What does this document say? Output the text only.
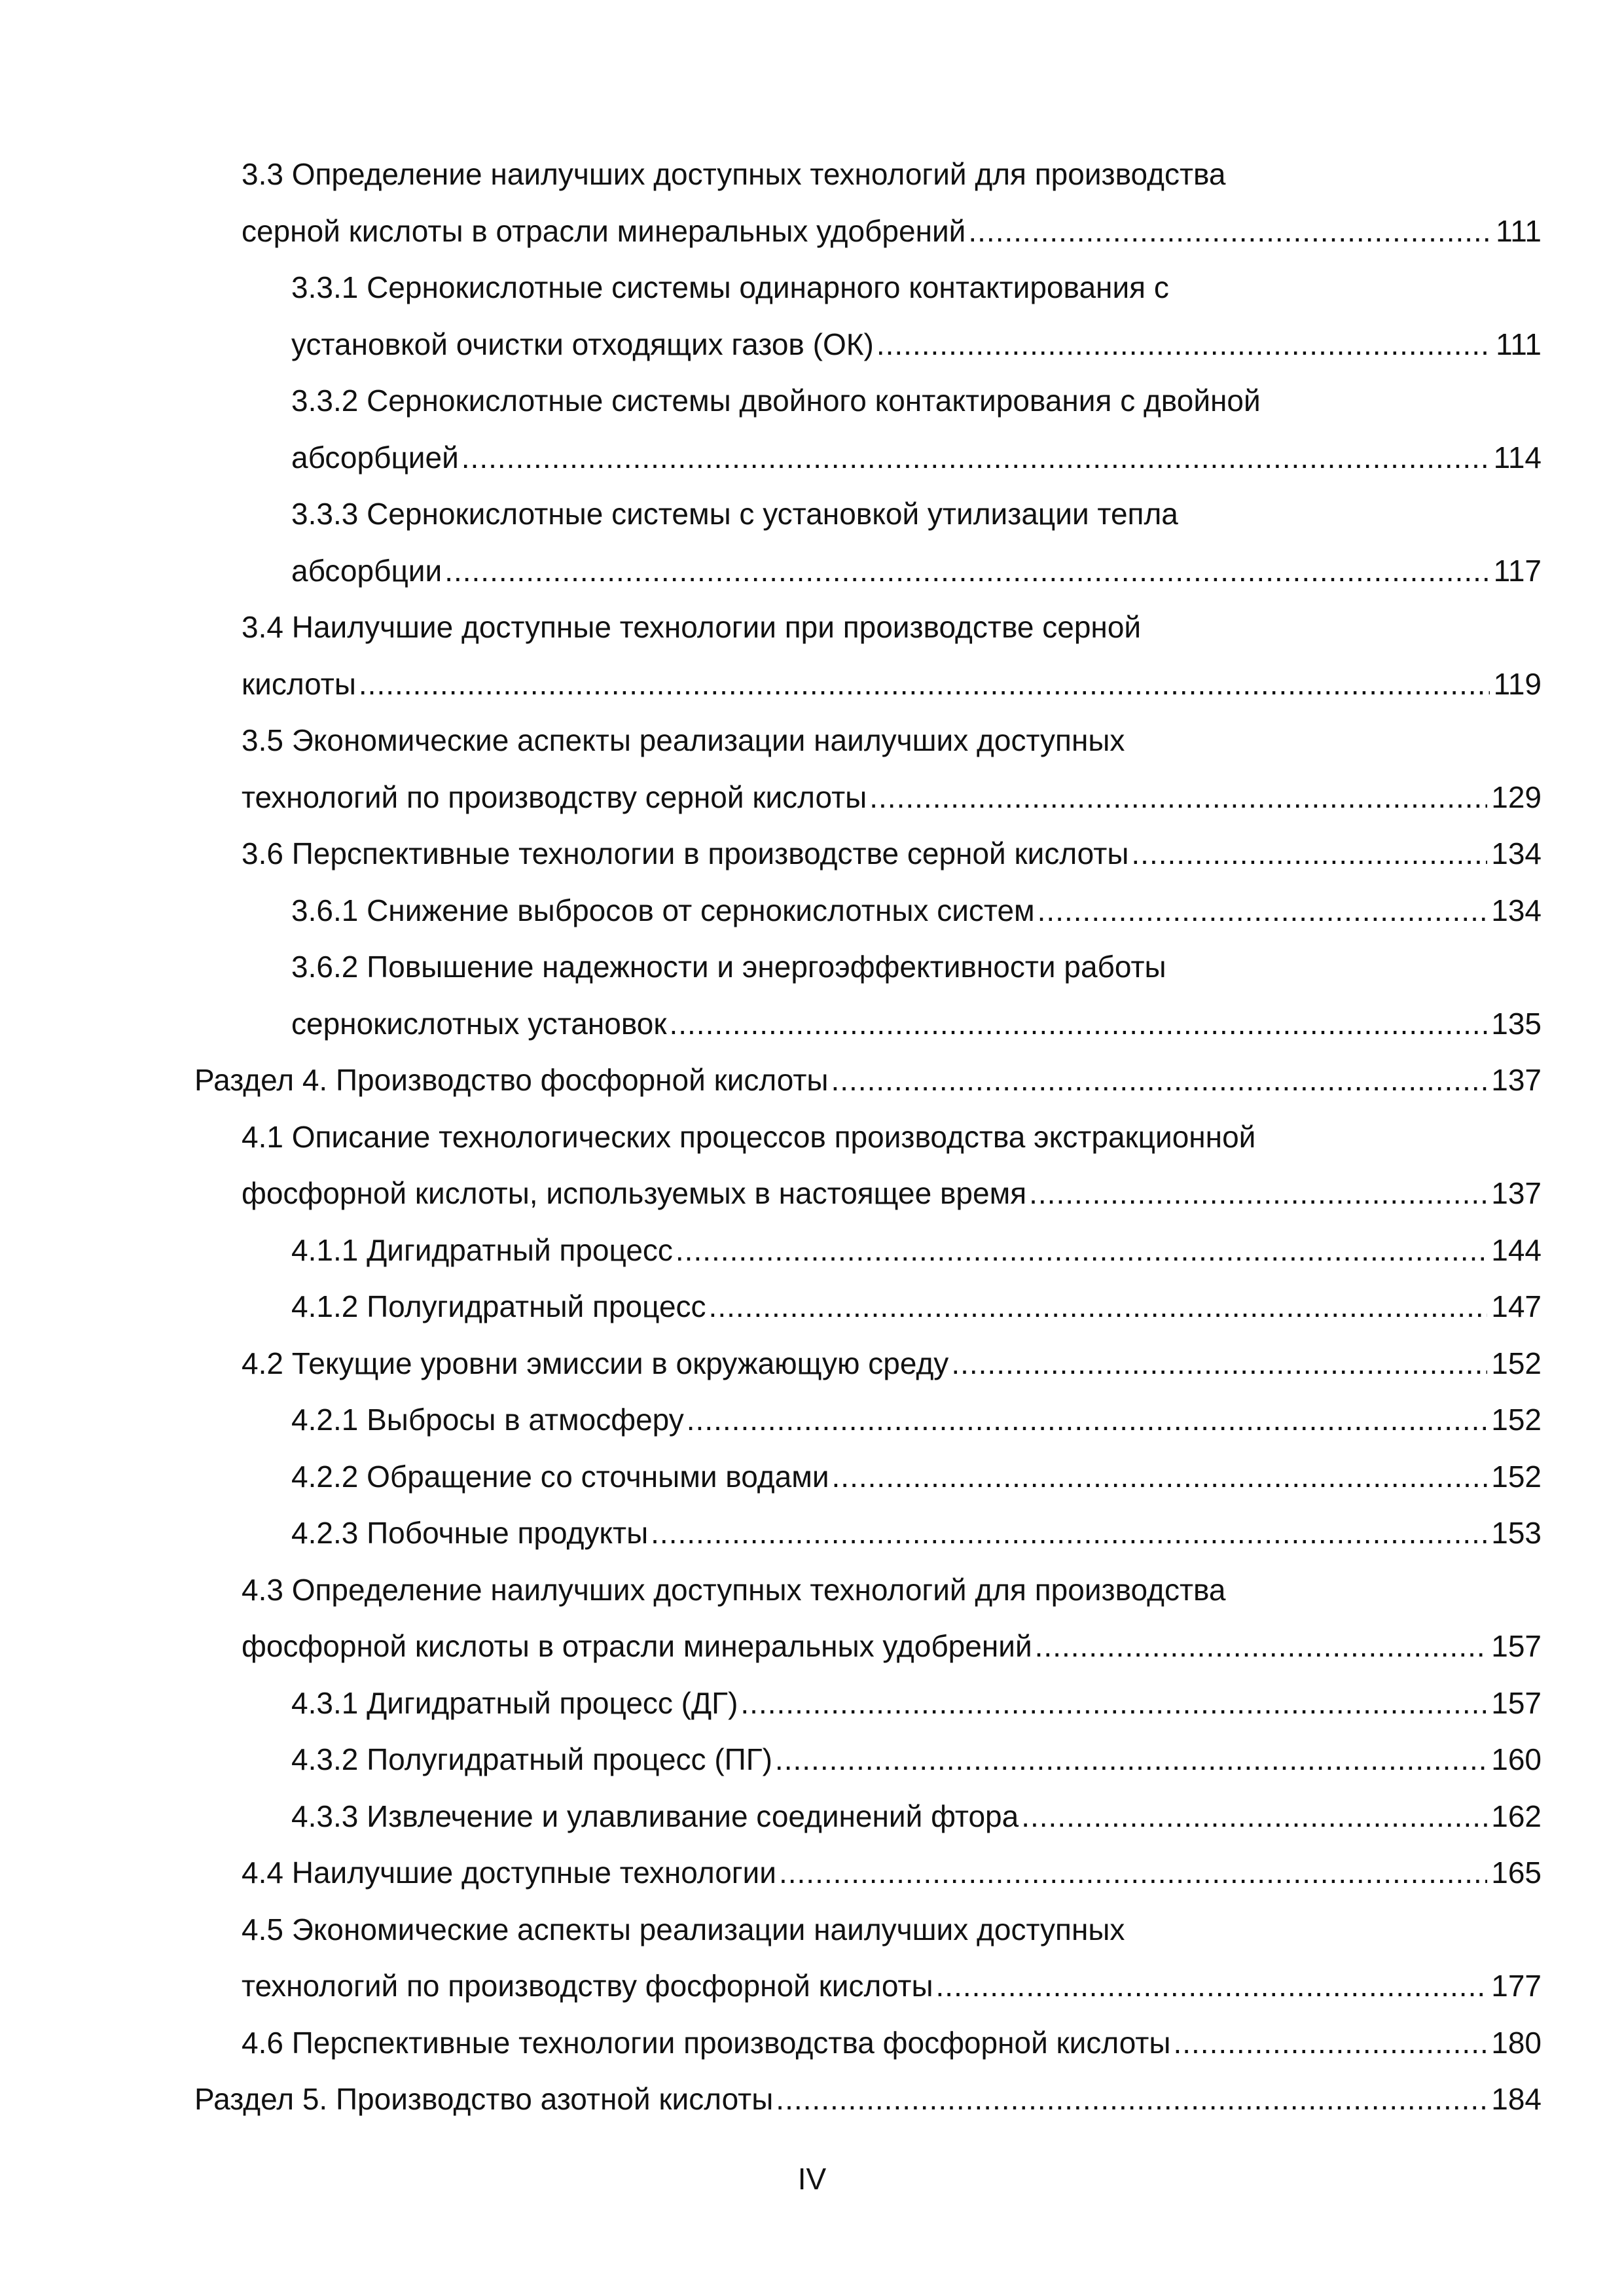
3.3 Определение наилучших доступных технологий для производства
серной кислоты в отрасли минеральных удобрений .....	111
3.3.1 Сернокислотные системы одинарного контактирования с
установкой очистки отходящих газов (ОК) .....	111
3.3.2 Сернокислотные системы двойного контактирования с двойной
абсорбцией .....	114
3.3.3 Сернокислотные системы с установкой утилизации тепла
абсорбции .....	117
3.4 Наилучшие доступные технологии при производстве серной
кислоты .....	119
3.5 Экономические аспекты реализации наилучших доступных
технологий по производству серной кислоты .....	129
3.6 Перспективные технологии в производстве серной кислоты .....	134
3.6.1 Снижение выбросов от сернокислотных систем .....	134
3.6.2 Повышение надежности и энергоэффективности работы
сернокислотных установок .....	135
Раздел 4. Производство фосфорной кислоты .....	137
4.1 Описание технологических процессов производства экстракционной
фосфорной кислоты, используемых в настоящее время .....	137
4.1.1 Дигидратный процесс .....	144
4.1.2 Полугидратный процесс .....	147
4.2 Текущие уровни эмиссии в окружающую среду .....	152
4.2.1 Выбросы в атмосферу .....	152
4.2.2 Обращение со сточными водами .....	152
4.2.3 Побочные продукты .....	153
4.3 Определение наилучших доступных технологий для производства
фосфорной кислоты в отрасли минеральных удобрений .....	157
4.3.1 Дигидратный процесс (ДГ) .....	157
4.3.2 Полугидратный процесс (ПГ) .....	160
4.3.3 Извлечение и улавливание соединений фтора .....	162
4.4 Наилучшие доступные технологии .....	165
4.5 Экономические аспекты реализации наилучших доступных
технологий по производству фосфорной кислоты .....	177
4.6 Перспективные технологии производства фосфорной кислоты .....	180
Раздел 5. Производство азотной кислоты .....	184
IV
